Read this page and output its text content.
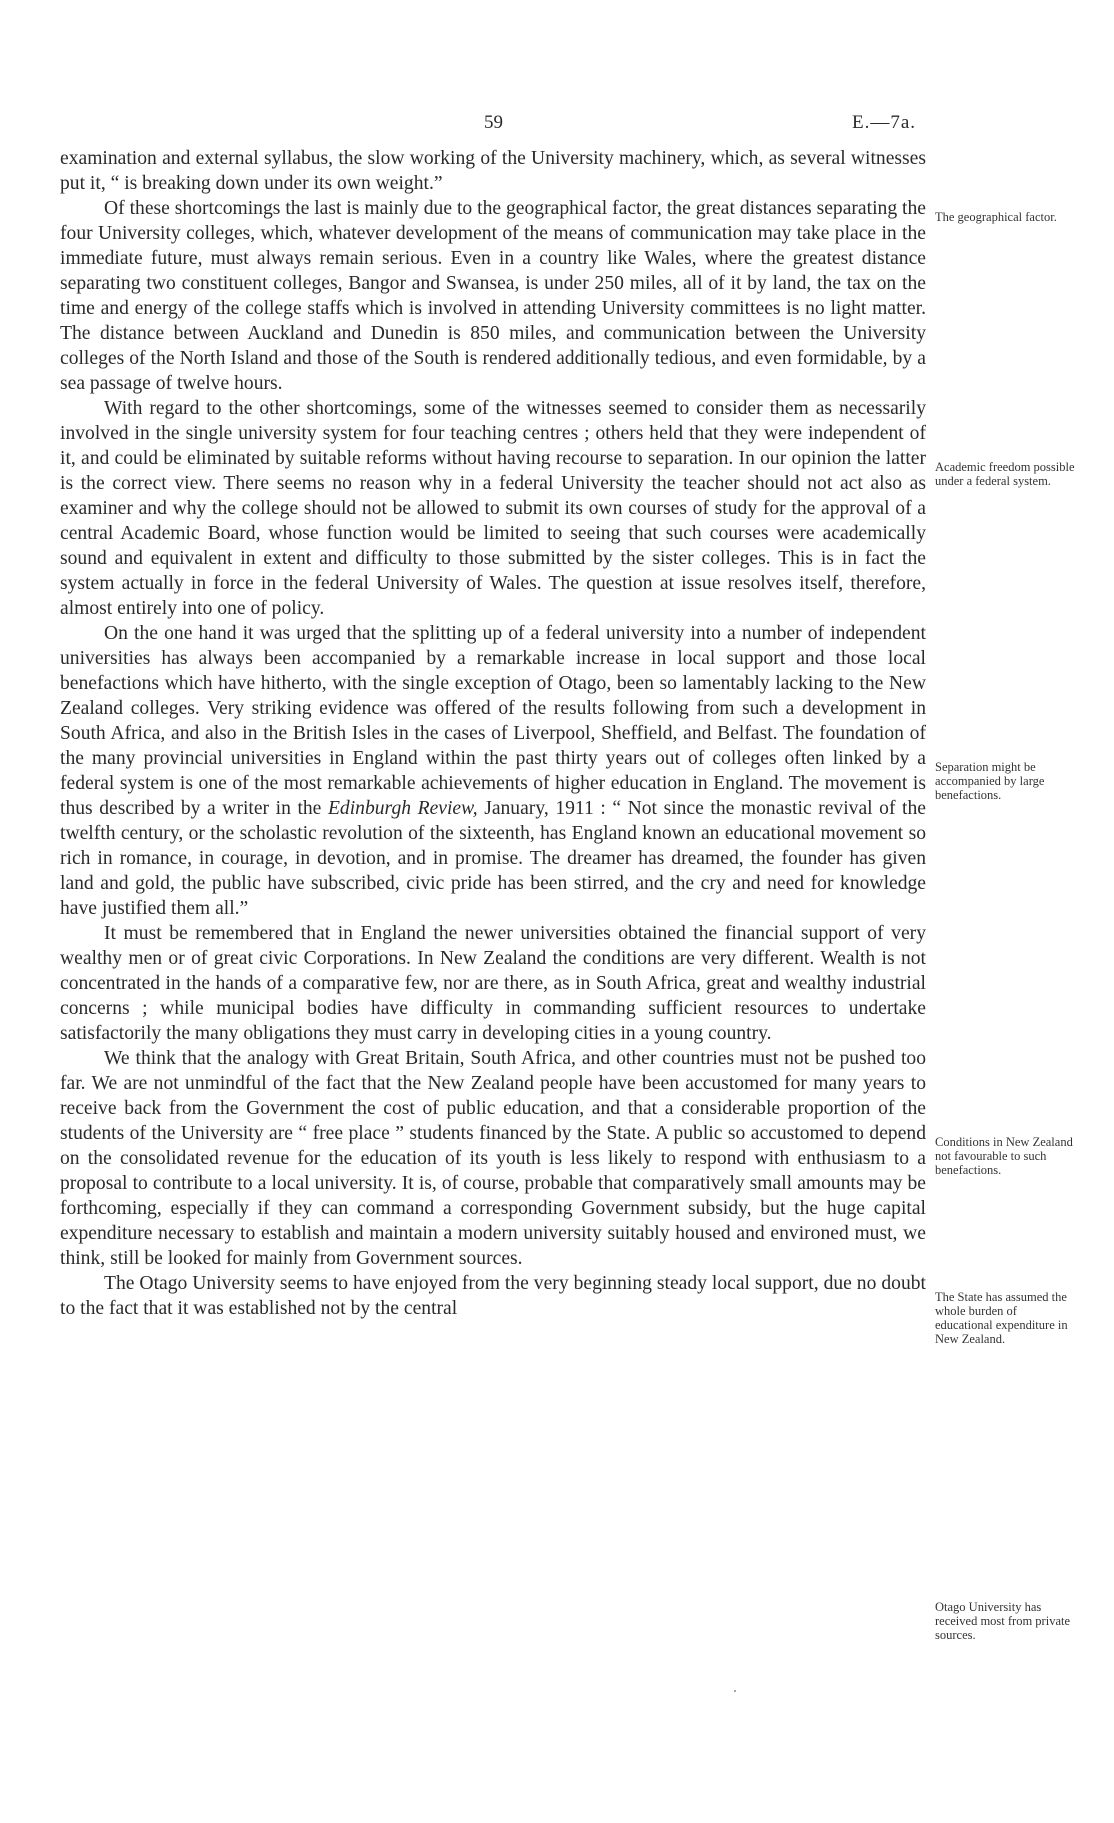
59	E.—7a.

examination and external syllabus, the slow working of the University machinery, which, as several witnesses put it, “ is breaking down under its own weight.”

Of these shortcomings the last is mainly due to the geographical factor, the great distances separating the four University colleges, which, whatever development of the means of communication may take place in the immediate future, must always remain serious. Even in a country like Wales, where the greatest distance separating two constituent colleges, Bangor and Swansea, is under 250 miles, all of it by land, the tax on the time and energy of the college staffs which is involved in attending University committees is no light matter. The distance between Auckland and Dunedin is 850 miles, and communication between the University colleges of the North Island and those of the South is rendered additionally tedious, and even formidable, by a sea passage of twelve hours.

With regard to the other shortcomings, some of the witnesses seemed to consider them as necessarily involved in the single university system for four teaching centres ; others held that they were independent of it, and could be eliminated by suitable reforms without having recourse to separation. In our opinion the latter is the correct view. There seems no reason why in a federal University the teacher should not act also as examiner and why the college should not be allowed to submit its own courses of study for the approval of a central Academic Board, whose function would be limited to seeing that such courses were academically sound and equivalent in extent and difficulty to those submitted by the sister colleges. This is in fact the system actually in force in the federal University of Wales. The question at issue resolves itself, therefore, almost entirely into one of policy.

On the one hand it was urged that the splitting up of a federal university into a number of independent universities has always been accompanied by a remarkable increase in local support and those local benefactions which have hitherto, with the single exception of Otago, been so lamentably lacking to the New Zealand colleges. Very striking evidence was offered of the results following from such a development in South Africa, and also in the British Isles in the cases of Liverpool, Sheffield, and Belfast. The foundation of the many provincial universities in England within the past thirty years out of colleges often linked by a federal system is one of the most remarkable achievements of higher education in England. The movement is thus described by a writer in the Edinburgh Review, January, 1911 : “ Not since the monastic revival of the twelfth century, or the scholastic revolution of the sixteenth, has England known an educational movement so rich in romance, in courage, in devotion, and in promise. The dreamer has dreamed, the founder has given land and gold, the public have subscribed, civic pride has been stirred, and the cry and need for knowledge have justified them all.”

It must be remembered that in England the newer universities obtained the financial support of very wealthy men or of great civic Corporations. In New Zealand the conditions are very different. Wealth is not concentrated in the hands of a comparative few, nor are there, as in South Africa, great and wealthy industrial concerns ; while municipal bodies have difficulty in commanding sufficient resources to undertake satisfactorily the many obligations they must carry in developing cities in a young country.

We think that the analogy with Great Britain, South Africa, and other countries must not be pushed too far. We are not unmindful of the fact that the New Zealand people have been accustomed for many years to receive back from the Government the cost of public education, and that a considerable proportion of the students of the University are “ free place ” students financed by the State. A public so accustomed to depend on the consolidated revenue for the education of its youth is less likely to respond with enthusiasm to a proposal to contribute to a local university. It is, of course, probable that comparatively small amounts may be forthcoming, especially if they can command a corresponding Government subsidy, but the huge capital expenditure necessary to establish and maintain a modern university suitably housed and environed must, we think, still be looked for mainly from Government sources.

The Otago University seems to have enjoyed from the very beginning steady local support, due no doubt to the fact that it was established not by the central

The geographical factor.
Academic freedom possible under a federal system.
Separation might be accompanied by large benefactions.
Conditions in New Zealand not favourable to such benefactions.
The State has assumed the whole burden of educational expenditure in New Zealand.
Otago University has received most from private sources.
